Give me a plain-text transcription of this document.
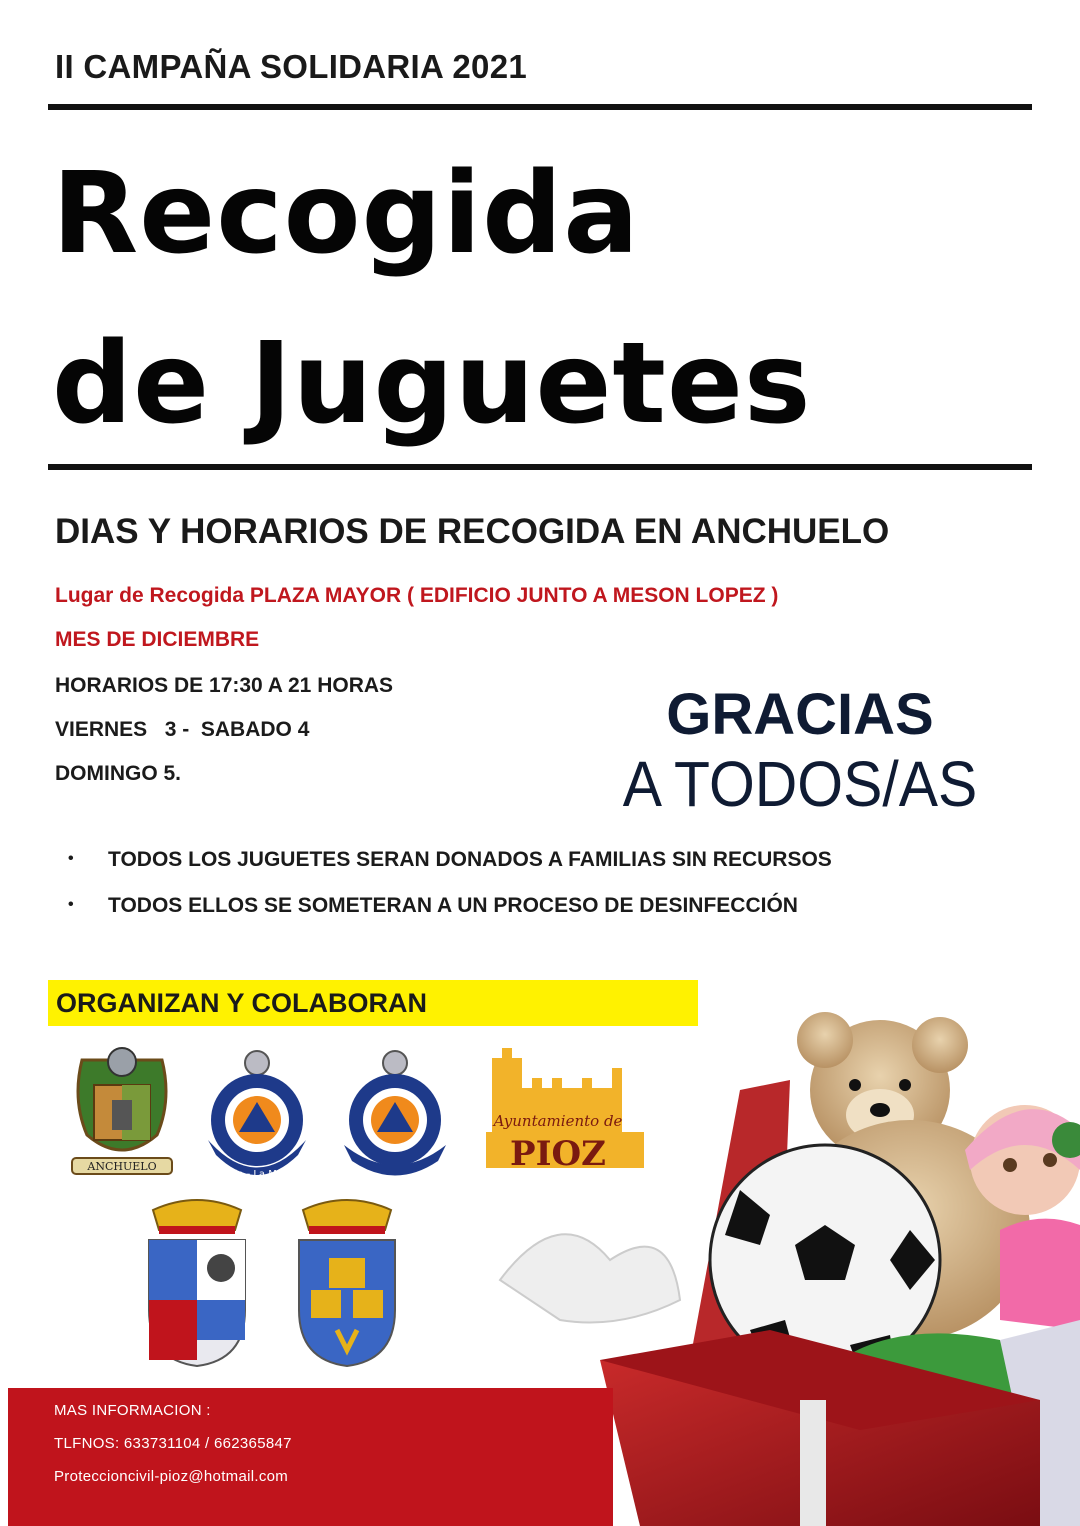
II CAMPAÑA SOLIDARIA 2021
Recogida
de Juguetes
DIAS Y HORARIOS DE RECOGIDA EN ANCHUELO
Lugar de Recogida PLAZA MAYOR ( EDIFICIO JUNTO A MESON LOPEZ )
MES DE DICIEMBRE
HORARIOS DE 17:30 A 21 HORAS
VIERNES   3 -  SABADO 4
DOMINGO 5.
GRACIAS
A TODOS/AS
• TODOS LOS JUGUETES SERAN DONADOS A FAMILIAS SIN RECURSOS
• TODOS ELLOS SE SOMETERAN A UN PROCESO DE DESINFECCIÓN
ORGANIZAN Y COLABORAN
ANCHUELO
Castilla - La Mancha
Ayuntamiento de
PIOZ
MAS INFORMACION :
TLFNOS: 633731104 / 662365847
Proteccioncivil-pioz@hotmail.com
